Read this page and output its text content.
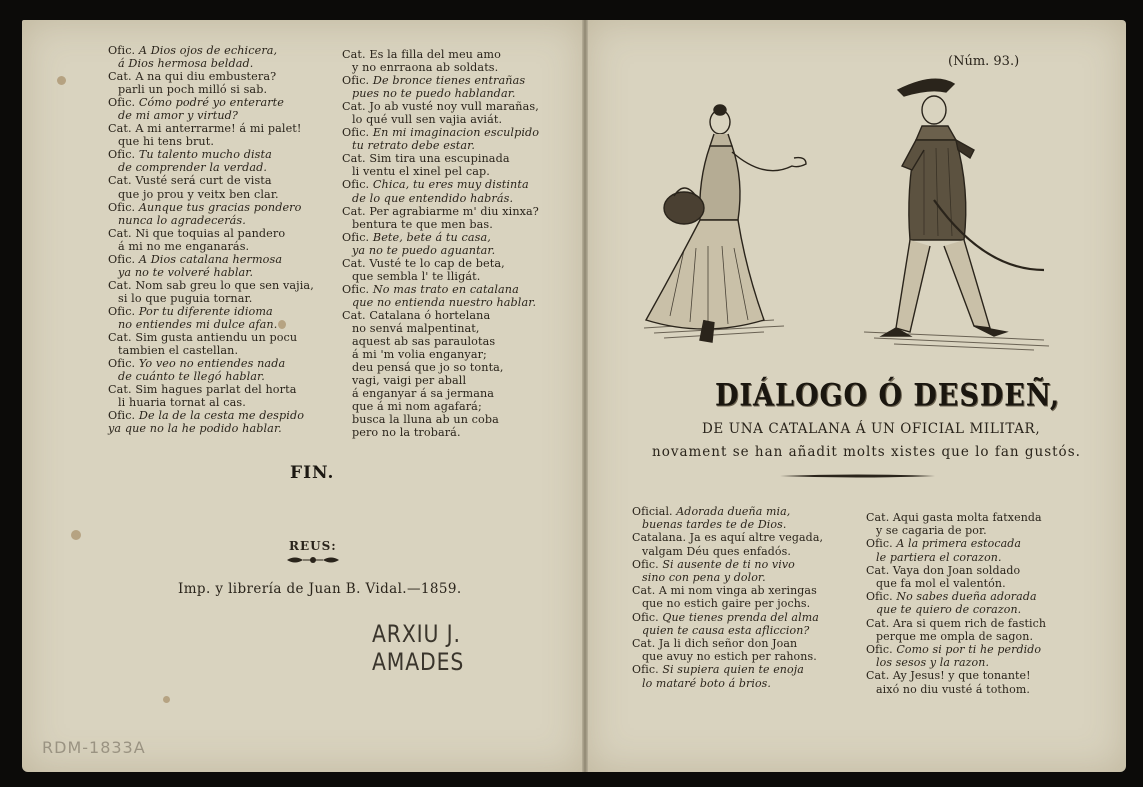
Ofic. A Dios ojos de echicera,
á Dios hermosa beldad.
Cat. A na qui diu embustera?
parli un poch milló si sab.
Ofic. Cómo podré yo enterarte
de mi amor y virtud?
Cat. A mi anterrarme! á mi palet!
que hi tens brut.
Ofic. Tu talento mucho dista
de comprender la verdad.
Cat. Vusté será curt de vista
que jo prou y veitx ben clar.
Ofic. Aunque tus gracias pondero
nunca lo agradecerás.
Cat. Ni que toquias al pandero
á mi no me enganarás.
Ofic. A Dios catalana hermosa
ya no te volveré hablar.
Cat. Nom sab greu lo que sen vajia,
si lo que puguia tornar.
Ofic. Por tu diferente idioma
no entiendes mi dulce afan.
Cat. Sim gusta antiendu un pocu
tambien el castellan.
Ofic. Yo veo no entiendes nada
de cuánto te llegó hablar.
Cat. Sim hagues parlat del horta
li huaria tornat al cas.
Ofic. De la de la cesta me despido
ya que no la he podido hablar.
Cat. Es la filla del meu amo
y no enrraona ab soldats.
Ofic. De bronce tienes entrañas
pues no te puedo hablandar.
Cat. Jo ab vusté noy vull marañas,
lo qué vull sen vajia aviát.
Ofic. En mi imaginacion esculpido
tu retrato debe estar.
Cat. Sim tira una escupinada
li ventu el xinel pel cap.
Ofic. Chica, tu eres muy distinta
de lo que entendido habrás.
Cat. Per agrabiarme m' diu xinxa?
bentura te que men bas.
Ofic. Bete, bete á tu casa,
ya no te puedo aguantar.
Cat. Vusté te lo cap de beta,
que sembla l' te lligát.
Ofic. No mas trato en catalana
que no entienda nuestro hablar.
Cat. Catalana ó hortelana
no senvá malpentinat,
aquest ab sas paraulotas
á mi 'm volia enganyar;
deu pensá que jo so tonta,
vagi, vaigi per aball
á enganyar á sa jermana
que á mi nom agafará;
busca la lluna ab un coba
pero no la trobará.
FIN.
REUS:
Imp. y librería de Juan B. Vidal.—1859.
ARXIU J.
AMADES
RDM-1833A
(Núm. 93.)
DIÁLOGO Ó DESDEÑ,
DE UNA CATALANA Á UN OFICIAL MILITAR,
novament se han añadit molts xistes que lo fan gustós.
Oficial. Adorada dueña mia,
buenas tardes te de Dios.
Catalana. Ja es aquí altre vegada,
valgam Déu ques enfadós.
Ofic. Si ausente de ti no vivo
sino con pena y dolor.
Cat. A mi nom vinga ab xeringas
que no estich gaire per jochs.
Ofic. Que tienes prenda del alma
quien te causa esta afliccion?
Cat. Ja li dich señor don Joan
que avuy no estich per rahons.
Ofic. Si supiera quien te enoja
lo mataré boto á brios.
Cat. Aqui gasta molta fatxenda
y se cagaria de por.
Ofic. A la primera estocada
le partiera el corazon.
Cat. Vaya don Joan soldado
que fa mol el valentón.
Ofic. No sabes dueña adorada
que te quiero de corazon.
Cat. Ara si quem rich de fastich
perque me ompla de sagon.
Ofic. Como si por ti he perdido
los sesos y la razon.
Cat. Ay Jesus! y que tonante!
aixó no diu vusté á tothom.
